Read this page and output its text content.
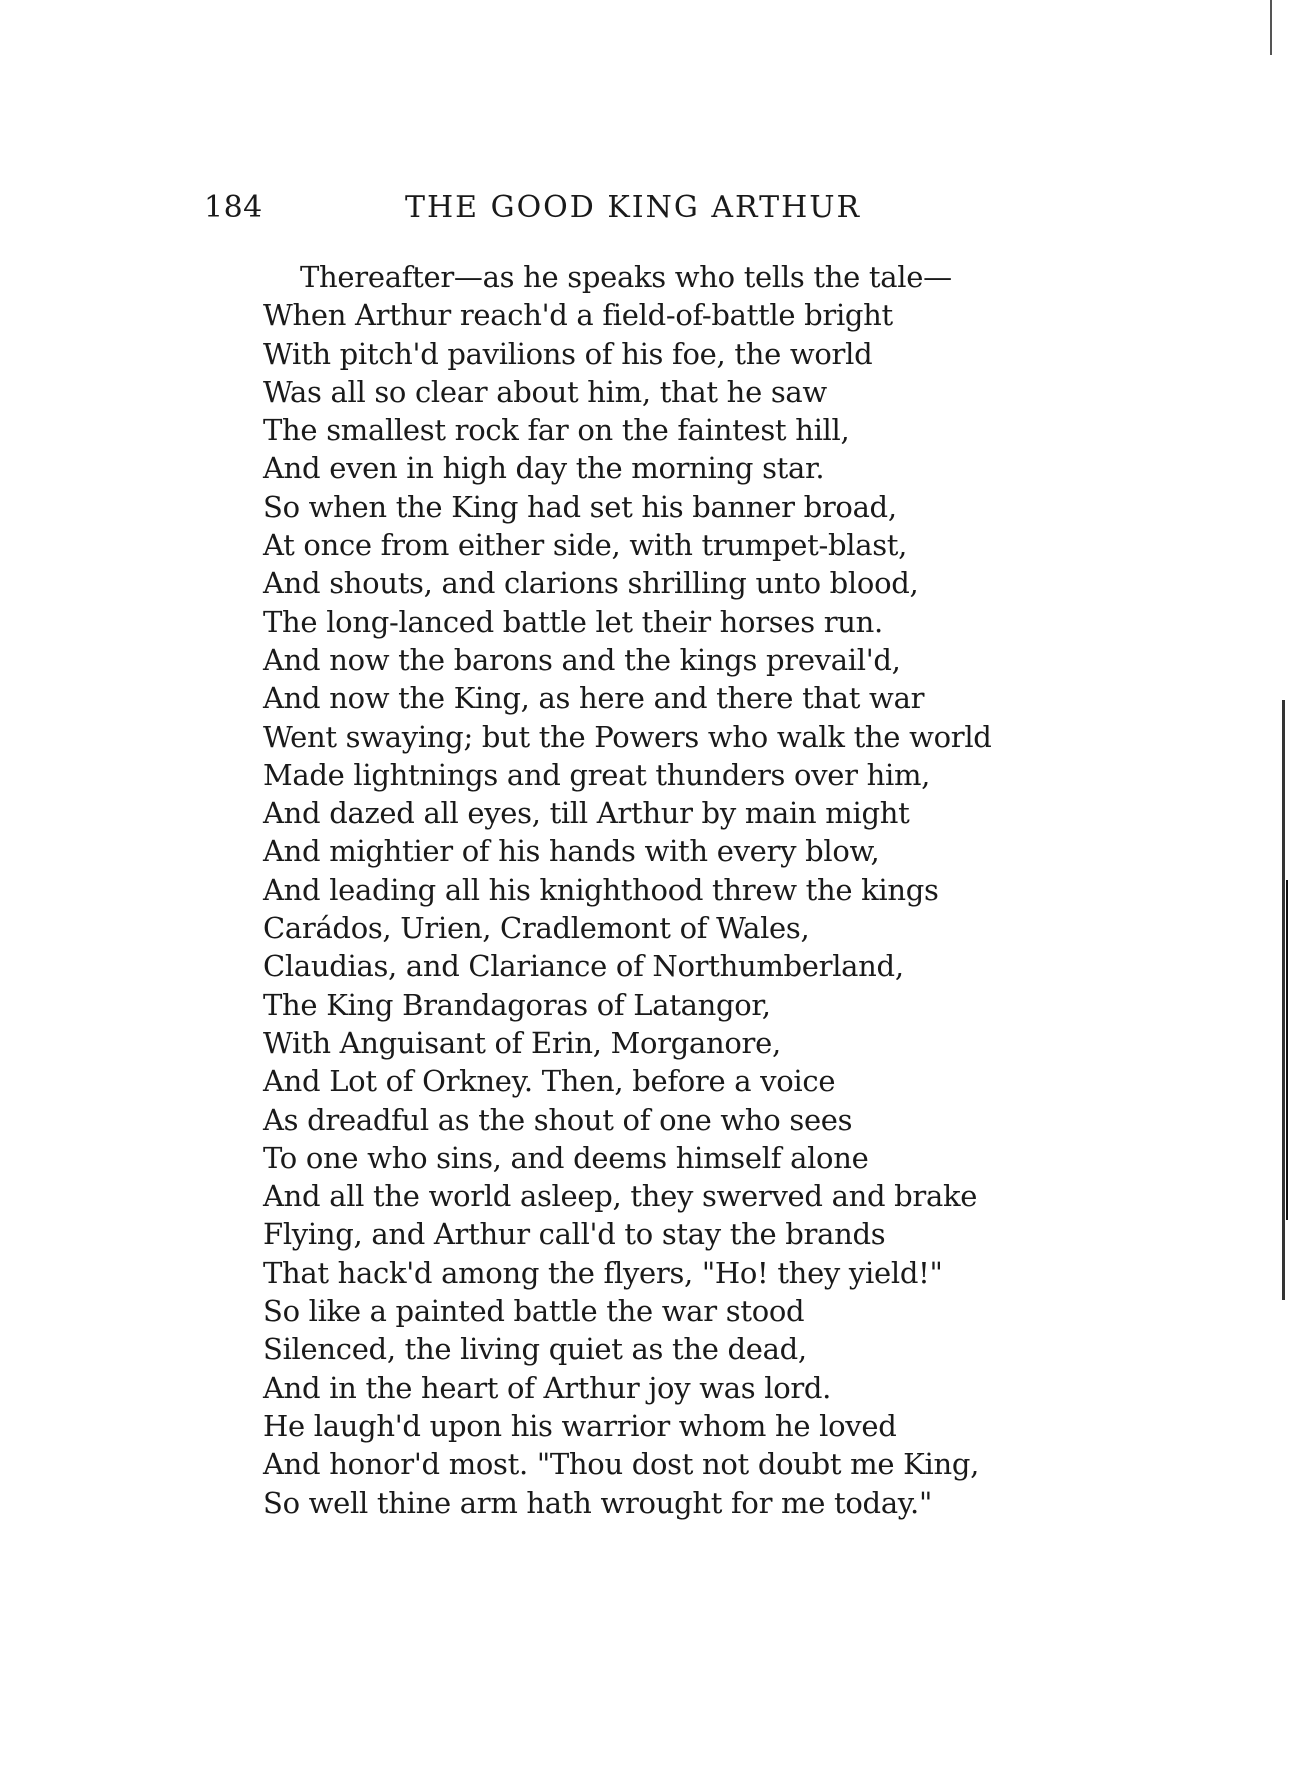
184	THE GOOD KING ARTHUR
Thereafter—as he speaks who tells the tale—
When Arthur reach'd a field-of-battle bright
With pitch'd pavilions of his foe, the world
Was all so clear about him, that he saw
The smallest rock far on the faintest hill,
And even in high day the morning star.
So when the King had set his banner broad,
At once from either side, with trumpet-blast,
And shouts, and clarions shrilling unto blood,
The long-lanced battle let their horses run.
And now the barons and the kings prevail'd,
And now the King, as here and there that war
Went swaying; but the Powers who walk the world
Made lightnings and great thunders over him,
And dazed all eyes, till Arthur by main might
And mightier of his hands with every blow,
And leading all his knighthood threw the kings
Carádos, Urien, Cradlemont of Wales,
Claudias, and Clariance of Northumberland,
The King Brandagoras of Latangor,
With Anguisant of Erin, Morganore,
And Lot of Orkney. Then, before a voice
As dreadful as the shout of one who sees
To one who sins, and deems himself alone
And all the world asleep, they swerved and brake
Flying, and Arthur call'd to stay the brands
That hack'd among the flyers, "Ho! they yield!"
So like a painted battle the war stood
Silenced, the living quiet as the dead,
And in the heart of Arthur joy was lord.
He laugh'd upon his warrior whom he loved
And honor'd most. "Thou dost not doubt me King,
So well thine arm hath wrought for me today."
